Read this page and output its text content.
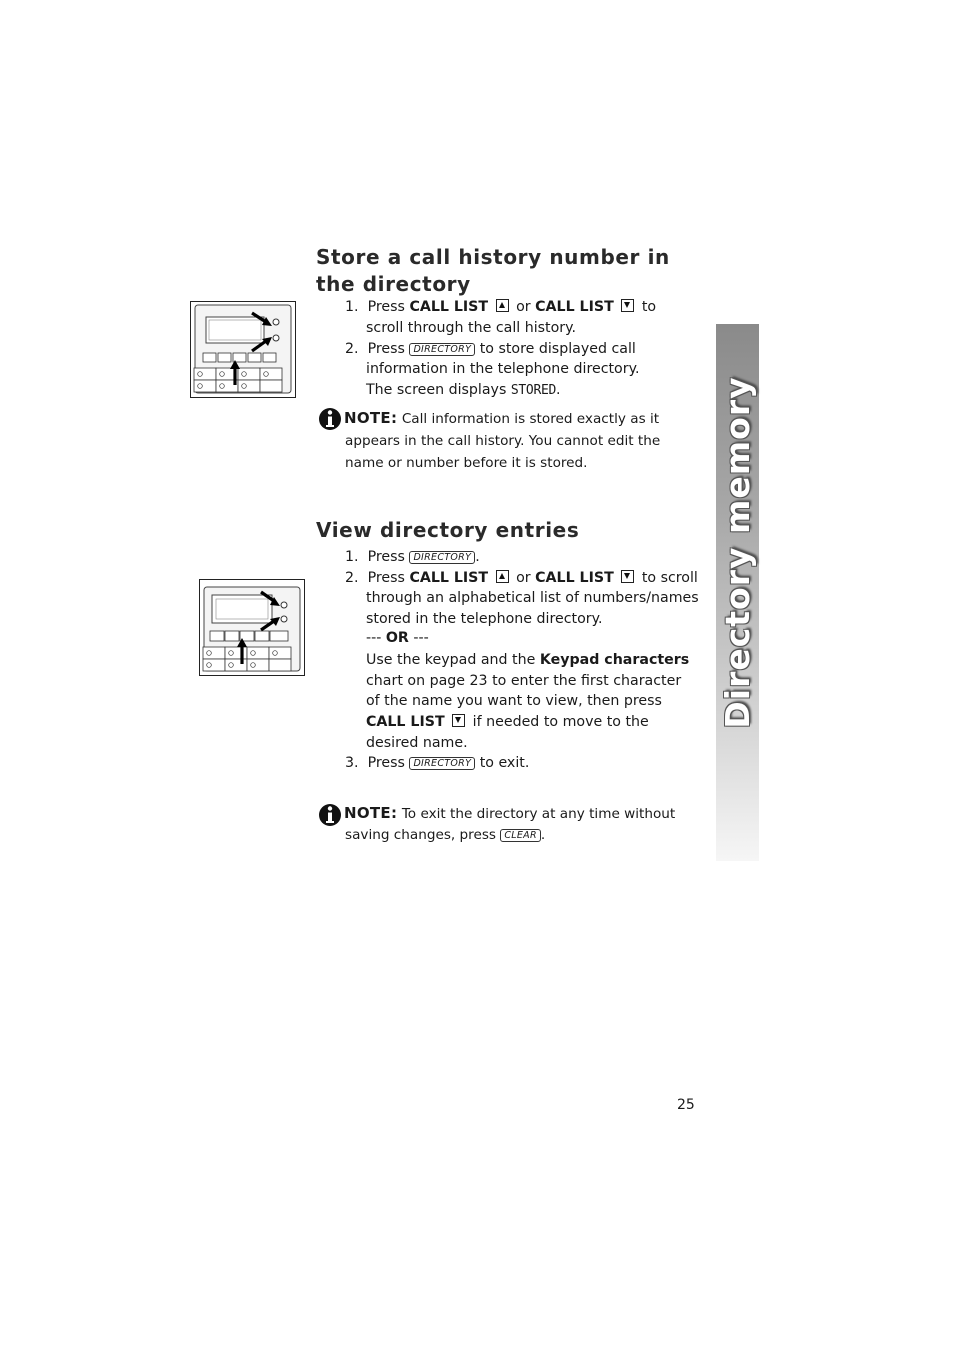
Directory memory
Store a call history number in
the directory
1. Press CALL LIST or CALL LIST to
scroll through the call history.
2. Press DIRECTORY to store displayed call
information in the telephone directory.
The screen displays STORED.
NOTE: Call information is stored exactly as it
appears in the call history. You cannot edit the
name or number before it is stored.
View directory entries
1. Press DIRECTORY .
2. Press CALL LIST or CALL LIST to scroll
through an alphabetical list of numbers/names
stored in the telephone directory.
--- OR ---
Use the keypad and the Keypad characters
chart on page 23 to enter the first character
of the name you want to view, then press
CALL LIST if needed to move to the
desired name.
3. Press DIRECTORY to exit.
NOTE: To exit the directory at any time without
saving changes, press CLEAR .
25
